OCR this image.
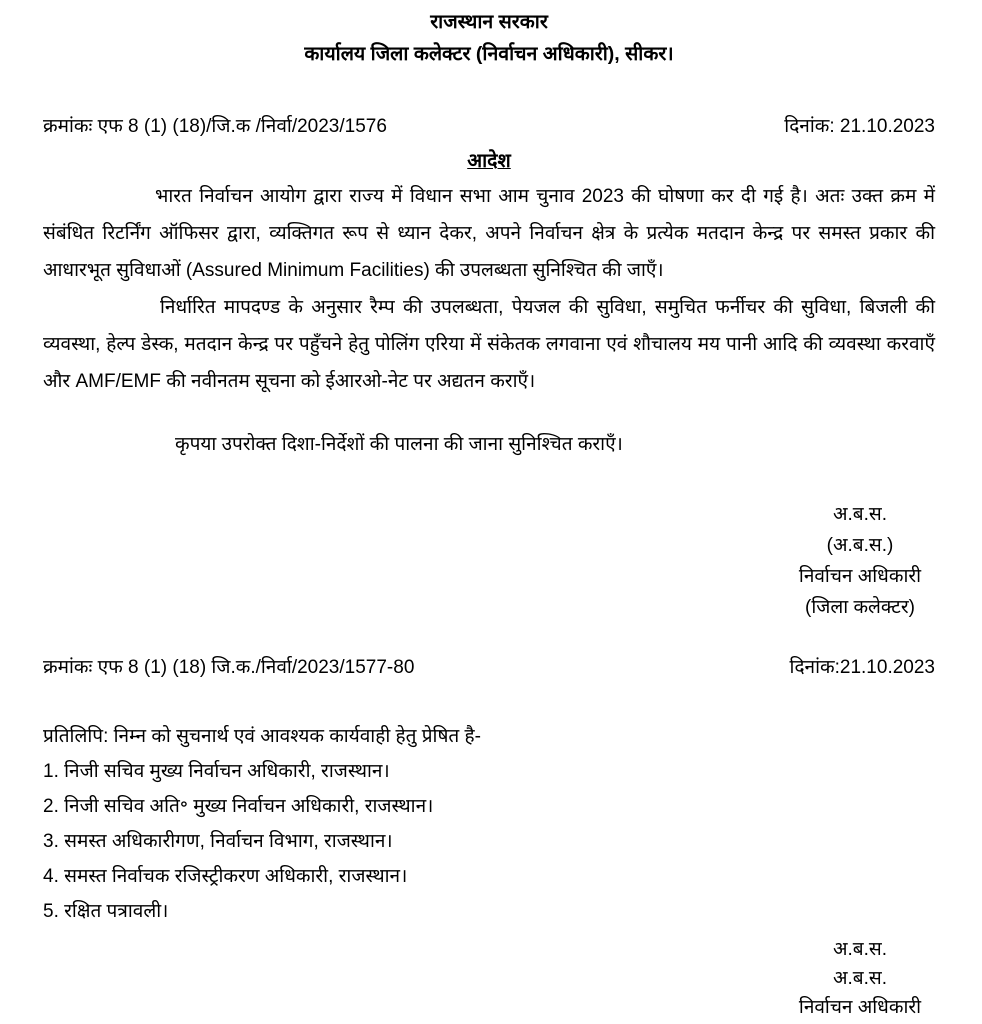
राजस्थान सरकार
कार्यालय जिला कलेक्टर (निर्वाचन अधिकारी), सीकर।
क्रमांकः एफ 8 (1) (18)/जि.क /निर्वा/2023/1576	दिनांक: 21.10.2023
आदेश

भारत निर्वाचन आयोग द्वारा राज्य में विधान सभा आम चुनाव 2023 की घोषणा कर दी गई है। अतः उक्त क्रम में संबंधित रिटर्निंग ऑफिसर द्वारा, व्यक्तिगत रूप से ध्यान देकर, अपने निर्वाचन क्षेत्र के प्रत्येक मतदान केन्द्र पर समस्त प्रकार की आधारभूत सुविधाओं (Assured Minimum Facilities) की उपलब्धता सुनिश्चित की जाएँ।

निर्धारित मापदण्ड के अनुसार रैम्प की उपलब्धता, पेयजल की सुविधा, समुचित फर्नीचर की सुविधा, बिजली की व्यवस्था, हेल्प डेस्क, मतदान केन्द्र पर पहुँचने हेतु पोलिंग एरिया में संकेतक लगवाना एवं शौचालय मय पानी आदि की व्यवस्था करवाएँ और AMF/EMF की नवीनतम सूचना को ईआरओ-नेट पर अद्यतन कराएँ।

कृपया उपरोक्त दिशा-निर्देशों की पालना की जाना सुनिश्चित कराएँ।

अ.ब.स.
(अ.ब.स.)
निर्वाचन अधिकारी
(जिला कलेक्टर)
क्रमांकः एफ 8 (1) (18) जि.क./निर्वा/2023/1577-80	दिनांक:21.10.2023
प्रतिलिपि: निम्न को सुचनार्थ एवं आवश्यक कार्यवाही हेतु प्रेषित है-
1. निजी सचिव मुख्य निर्वाचन अधिकारी, राजस्थान।
2. निजी सचिव अति॰ मुख्य निर्वाचन अधिकारी, राजस्थान।
3. समस्त अधिकारीगण, निर्वाचन विभाग, राजस्थान।
4. समस्त निर्वाचक रजिस्ट्रीकरण अधिकारी, राजस्थान।
5. रक्षित पत्रावली।
अ.ब.स.
अ.ब.स.
निर्वाचन अधिकारी
